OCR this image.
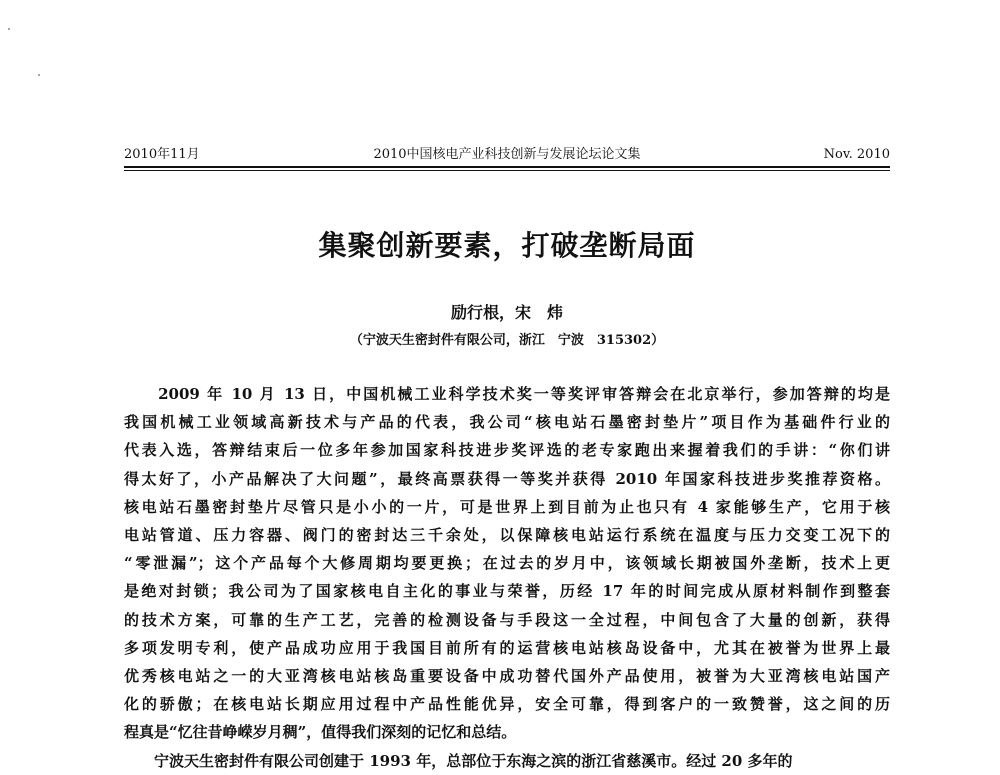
2010年11月	2010中国核电产业科技创新与发展论坛论文集	Nov. 2010
集聚创新要素，打破垄断局面
励行根，宋　炜
（宁波天生密封件有限公司，浙江　宁波　315302）
　　2009 年 10 月 13 日，中国机械工业科学技术奖一等奖评审答辩会在北京举行，参加答辩的均是
我国机械工业领域高新技术与产品的代表，我公司“核电站石墨密封垫片”项目作为基础件行业的
代表入选，答辩结束后一位多年参加国家科技进步奖评选的老专家跑出来握着我们的手讲：“你们讲
得太好了，小产品解决了大问题”，最终高票获得一等奖并获得 2010 年国家科技进步奖推荐资格。
核电站石墨密封垫片尽管只是小小的一片，可是世界上到目前为止也只有 4 家能够生产，它用于核
电站管道、压力容器、阀门的密封达三千余处，以保障核电站运行系统在温度与压力交变工况下的
“零泄漏”；这个产品每个大修周期均要更换；在过去的岁月中，该领域长期被国外垄断，技术上更
是绝对封锁；我公司为了国家核电自主化的事业与荣誉，历经 17 年的时间完成从原材料制作到整套
的技术方案，可靠的生产工艺，完善的检测设备与手段这一全过程，中间包含了大量的创新，获得
多项发明专利，使产品成功应用于我国目前所有的运营核电站核岛设备中，尤其在被誉为世界上最
优秀核电站之一的大亚湾核电站核岛重要设备中成功替代国外产品使用，被誉为大亚湾核电站国产
化的骄傲；在核电站长期应用过程中产品性能优异，安全可靠，得到客户的一致赞誉，这之间的历
程真是“忆往昔峥嵘岁月稠”，值得我们深刻的记忆和总结。
　　宁波天生密封件有限公司创建于 1993 年，总部位于东海之滨的浙江省慈溪市。经过 20 多年的
